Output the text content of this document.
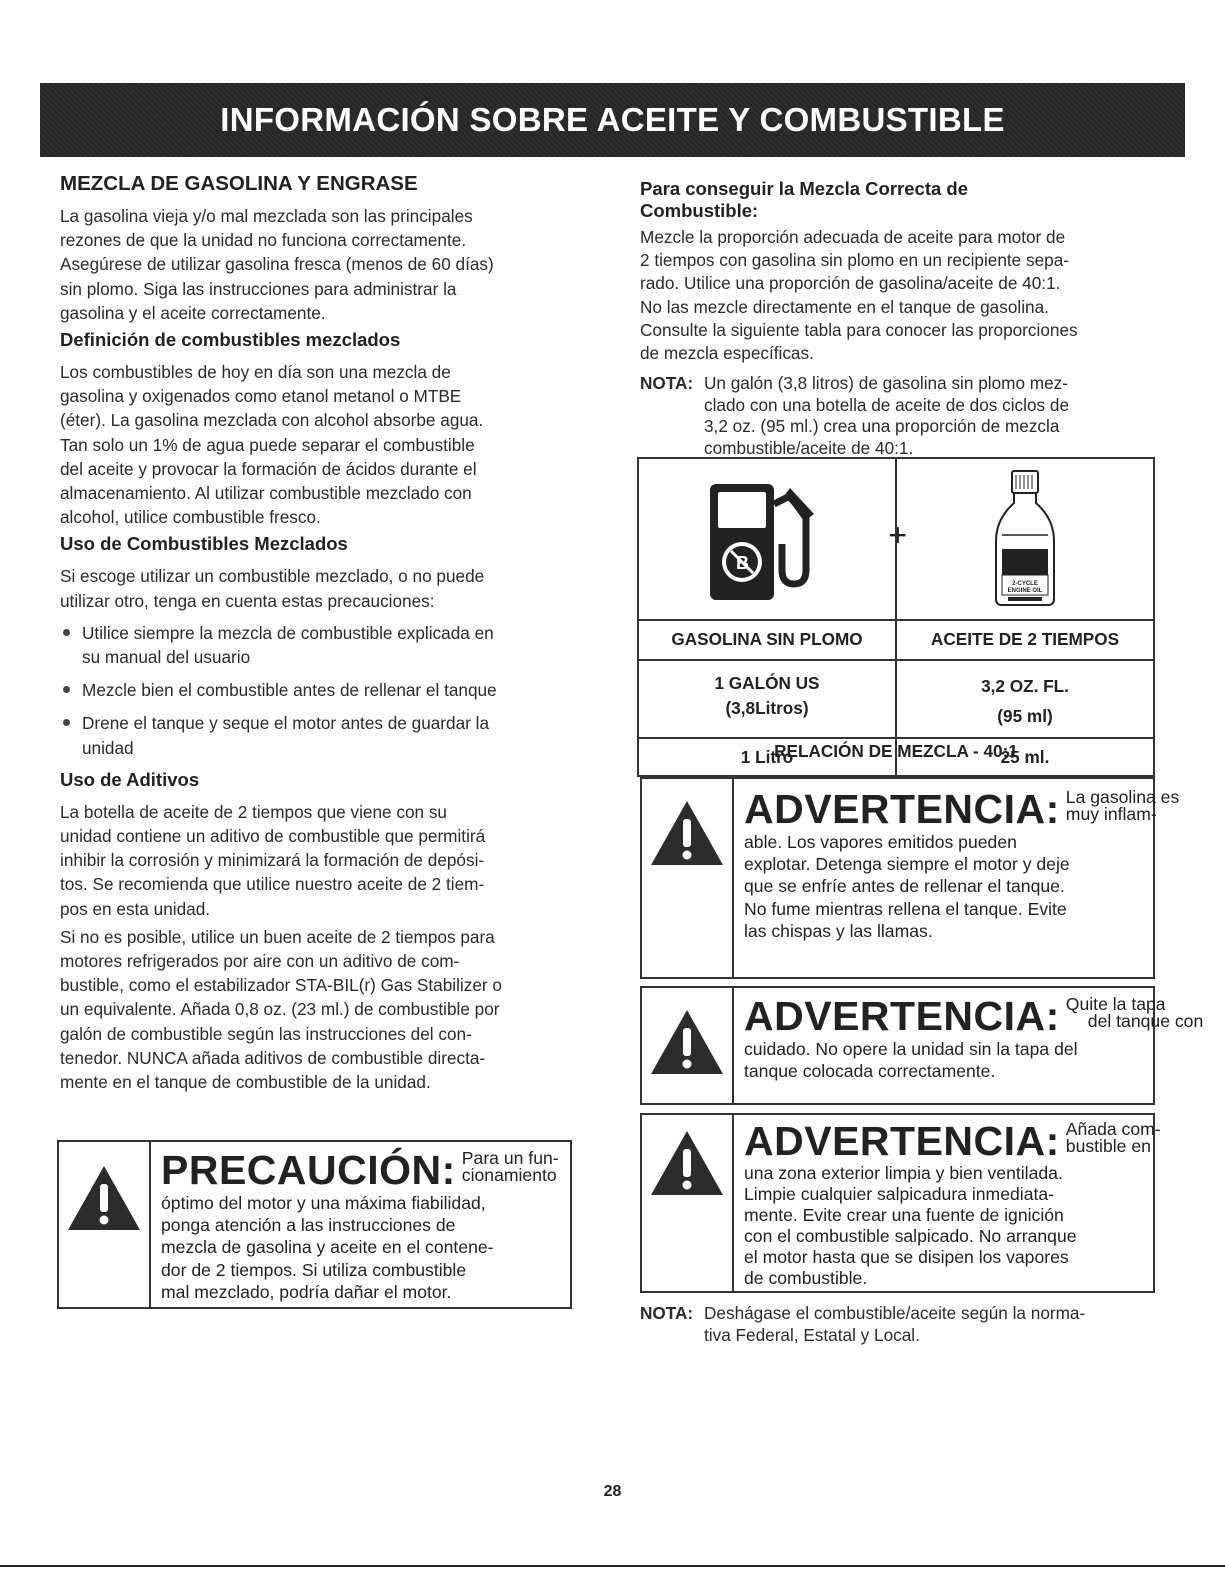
INFORMACIÓN SOBRE ACEITE Y COMBUSTIBLE
MEZCLA DE GASOLINA Y ENGRASE

La gasolina vieja y/o mal mezclada son las principales
rezones de que la unidad no funciona correctamente.
Asegúrese de utilizar gasolina fresca (menos de 60 días)
sin plomo. Siga las instrucciones para administrar la
gasolina y el aceite correctamente.

Definición de combustibles mezclados

Los combustibles de hoy en día son una mezcla de
gasolina y oxigenados como etanol metanol o MTBE
(éter). La gasolina mezclada con alcohol absorbe agua.
Tan solo un 1% de agua puede separar el combustible
del aceite y provocar la formación de ácidos durante el
almacenamiento. Al utilizar combustible mezclado con
alcohol, utilice combustible fresco.

Uso de Combustibles Mezclados

Si escoge utilizar un combustible mezclado, o no puede
utilizar otro, tenga en cuenta estas precauciones:

Utilice siempre la mezcla de combustible explicada en
su manual del usuario
Mezcle bien el combustible antes de rellenar el tanque
Drene el tanque y seque el motor antes de guardar la
unidad
Uso de Aditivos

La botella de aceite de 2 tiempos que viene con su
unidad contiene un aditivo de combustible que permitirá
inhibir la corrosión y minimizará la formación de depósi-
tos. Se recomienda que utilice nuestro aceite de 2 tiem-
pos en esta unidad.

Si no es posible, utilice un buen aceite de 2 tiempos para
motores refrigerados por aire con un aditivo de com-
bustible, como el estabilizador STA-BIL(r) Gas Stabilizer o
un equivalente. Añada 0,8 oz. (23 ml.) de combustible por
galón de combustible según las instrucciones del con-
tenedor. NUNCA añada aditivos de combustible directa-
mente en el tanque de combustible de la unidad.

PRECAUCIÓN: Para un fun-
cionamiento
óptimo del motor y una máxima fiabilidad,
ponga atención a las instrucciones de
mezcla de gasolina y aceite en el contene-
dor de 2 tiempos. Si utiliza combustible
mal mezclado, podría dañar el motor.
Para conseguir la Mezcla Correcta de
Combustible:

Mezcle la proporción adecuada de aceite para motor de
2 tiempos con gasolina sin plomo en un recipiente sepa-
rado. Utilice una proporción de gasolina/aceite de 40:1.
No las mezcle directamente en el tanque de gasolina.
Consulte la siguiente tabla para conocer las proporciones
de mezcla específicas.

NOTA: Un galón (3,8 litros) de gasolina sin plomo mez-
clado con una botella de aceite de dos ciclos de
3,2 oz. (95 ml.) crea una proporción de mezcla
combustible/aceite de 40:1.
B
+
2-CYCLE
ENGINE OIL
GASOLINA SIN PLOMO	ACEITE DE 2 TIEMPOS
1 GALÓN US
(3,8Litros)
3,2 OZ. FL.
(95 ml)
1 Litro	25 ml.
RELACIÓN DE MEZCLA - 40:1
ADVERTENCIA: La gasolina es
muy inflam-
able. Los vapores emitidos pueden
explotar. Detenga siempre el motor y deje
que se enfríe antes de rellenar el tanque.
No fume mientras rellena el tanque. Evite
las chispas y las llamas.
ADVERTENCIA: Quite la tapa
del tanque con
cuidado. No opere la unidad sin la tapa del
tanque colocada correctamente.
ADVERTENCIA: Añada com-
bustible en
una zona exterior limpia y bien ventilada.
Limpie cualquier salpicadura inmediata-
mente. Evite crear una fuente de ignición
con el combustible salpicado. No arranque
el motor hasta que se disipen los vapores
de combustible.
NOTA: Deshágase el combustible/aceite según la norma-
tiva Federal, Estatal y Local.
28
